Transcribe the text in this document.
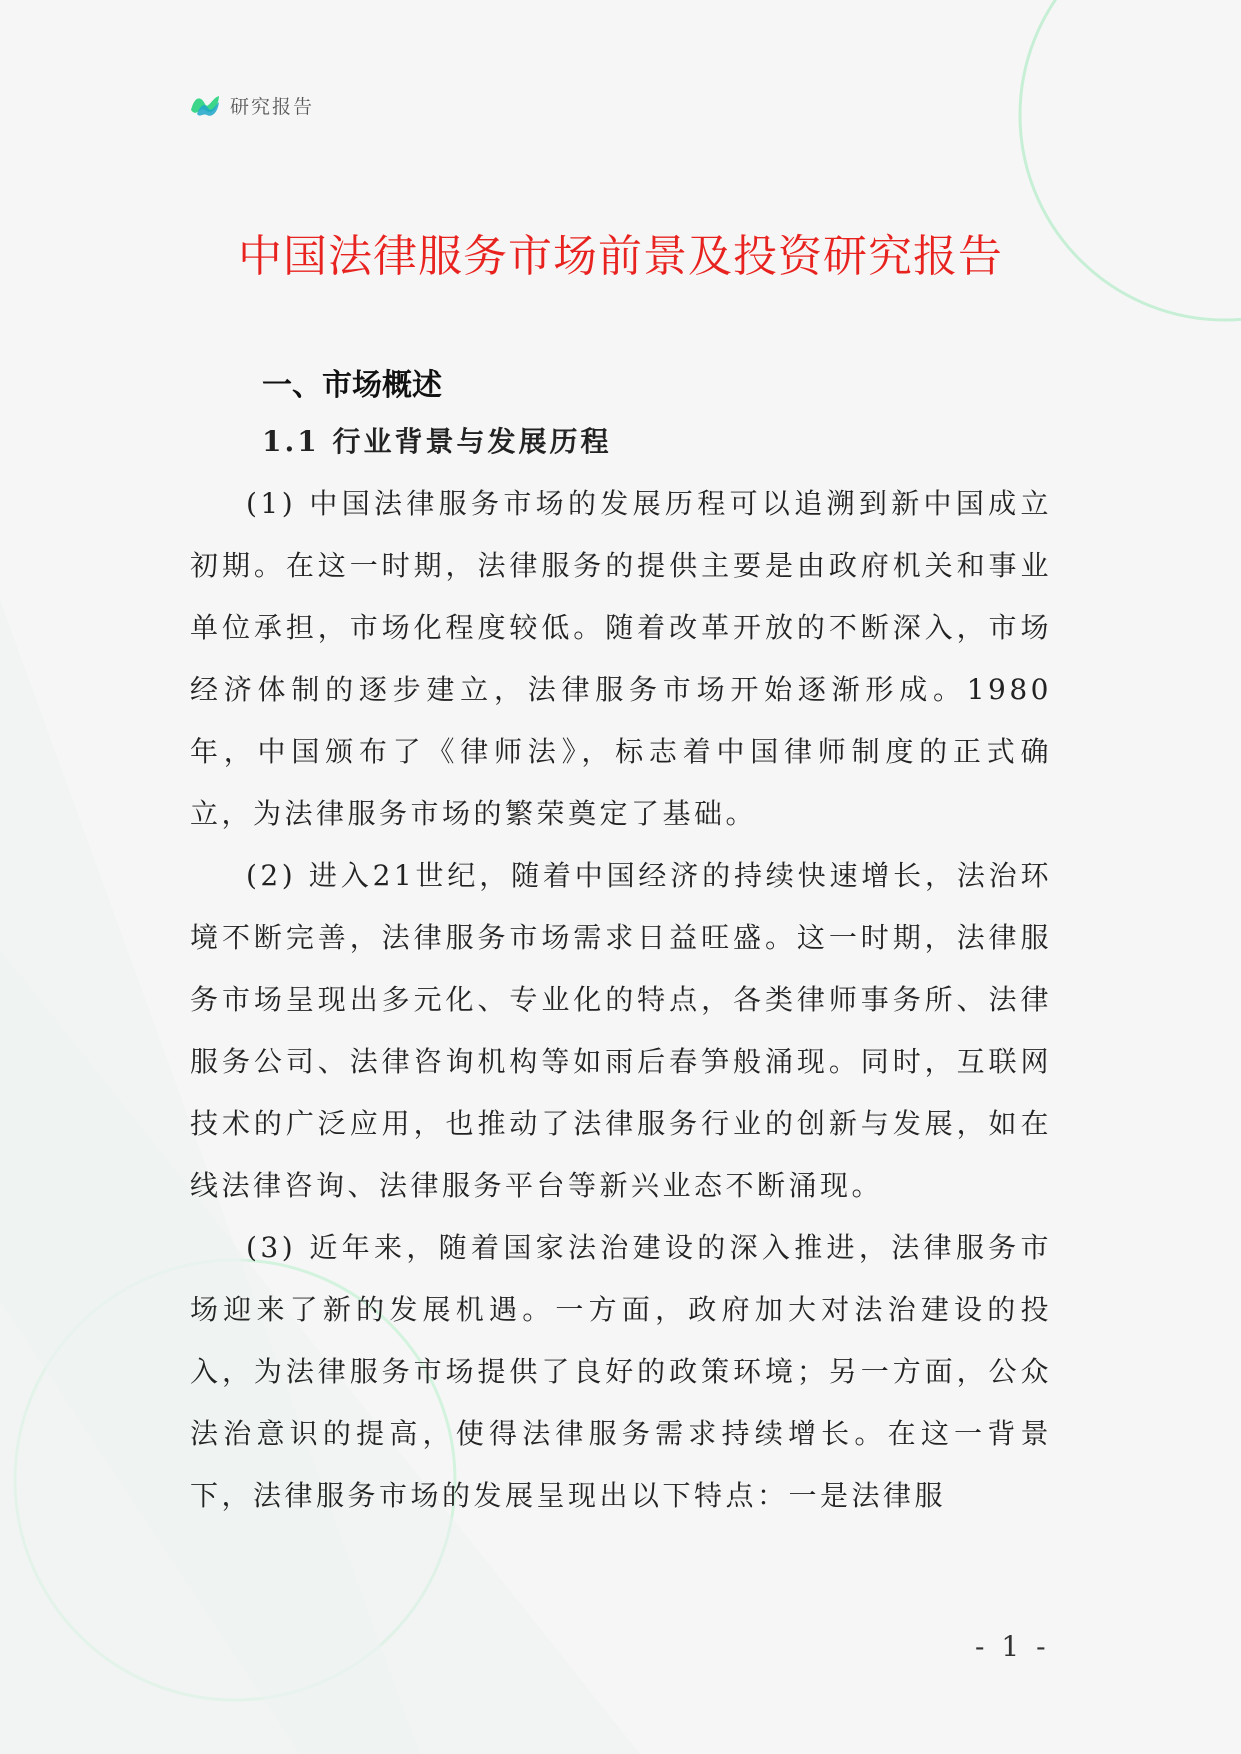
研究报告
中国法律服务市场前景及投资研究报告
一、市场概述
1.1 行业背景与发展历程

(1) 中国法律服务市场的发展历程可以追溯到新中国成立初期。在这一时期，法律服务的提供主要是由政府机关和事业单位承担，市场化程度较低。随着改革开放的不断深入，市场经济体制的逐步建立，法律服务市场开始逐渐形成。1980年，中国颁布了《律师法》，标志着中国律师制度的正式确立，为法律服务市场的繁荣奠定了基础。

(2) 进入21世纪，随着中国经济的持续快速增长，法治环境不断完善，法律服务市场需求日益旺盛。这一时期，法律服务市场呈现出多元化、专业化的特点，各类律师事务所、法律服务公司、法律咨询机构等如雨后春笋般涌现。同时，互联网技术的广泛应用，也推动了法律服务行业的创新与发展，如在线法律咨询、法律服务平台等新兴业态不断涌现。

(3) 近年来，随着国家法治建设的深入推进，法律服务市场迎来了新的发展机遇。一方面，政府加大对法治建设的投入，为法律服务市场提供了良好的政策环境；另一方面，公众法治意识的提高，使得法律服务需求持续增长。在这一背景下，法律服务市场的发展呈现出以下特点：一是法律服

- 1 -
